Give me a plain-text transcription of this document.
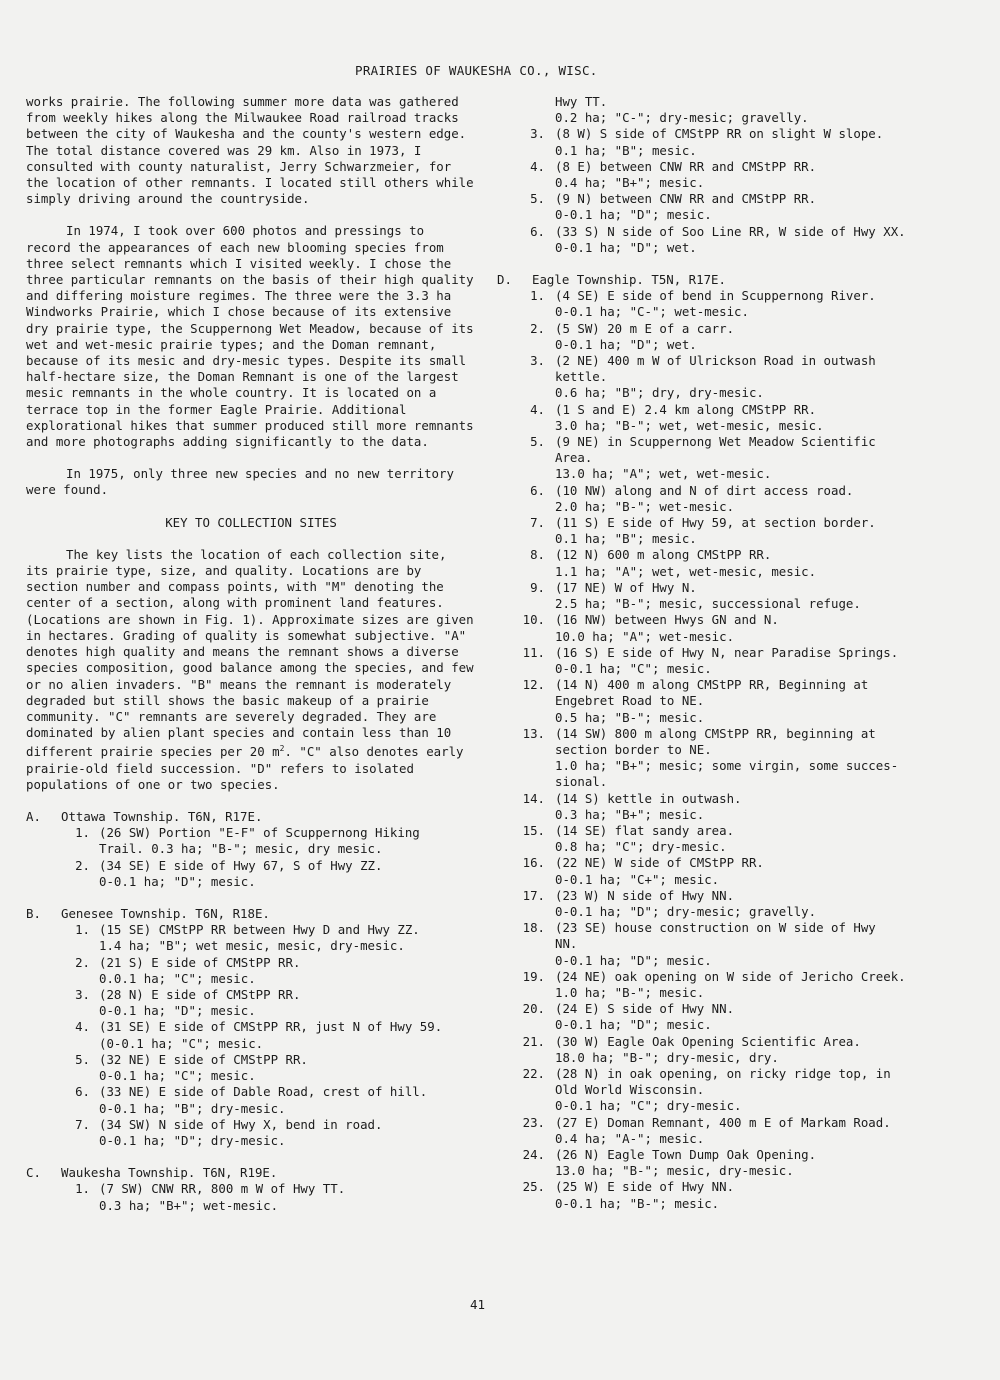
PRAIRIES OF WAUKESHA CO., WISC.

works prairie. The following summer more data was gathered from weekly hikes along the Milwaukee Road railroad tracks between the city of Waukesha and the county's western edge. The total distance covered was 29 km. Also in 1973, I consulted with county naturalist, Jerry Schwarzmeier, for the location of other remnants. I located still others while simply driving around the countryside.

In 1974, I took over 600 photos and pressings to record the appearances of each new blooming species from three select remnants which I visited weekly. I chose the three particular remnants on the basis of their high quality and differing moisture regimes. The three were the 3.3 ha Windworks Prairie, which I chose because of its extensive dry prairie type, the Scuppernong Wet Meadow, because of its wet and wet-mesic prairie types; and the Doman remnant, because of its mesic and dry-mesic types. Despite its small half-hectare size, the Doman Remnant is one of the largest mesic remnants in the whole country. It is located on a terrace top in the former Eagle Prairie. Additional explorational hikes that summer produced still more remnants and more photographs adding significantly to the data.

In 1975, only three new species and no new territory were found.

KEY TO COLLECTION SITES

The key lists the location of each collection site, its prairie type, size, and quality. Locations are by section number and compass points, with "M" denoting the center of a section, along with prominent land features. (Locations are shown in Fig. 1). Approximate sizes are given in hectares. Grading of quality is somewhat subjective. "A" denotes high quality and means the remnant shows a diverse species composition, good balance among the species, and few or no alien invaders. "B" means the remnant is moderately degraded but still shows the basic makeup of a prairie community. "C" remnants are severely degraded. They are dominated by alien plant species and contain less than 10 different prairie species per 20 $m^2$. "C" also denotes early prairie-old field succession. "D" refers to isolated populations of one or two species.

A. Ottawa Township. T6N, R17E.
1. (26 SW) Portion "E-F" of Scuppernong Hiking
Trail. 0.3 ha; "B-"; mesic, dry mesic.
2. (34 SE) E side of Hwy 67, S of Hwy ZZ.
0-0.1 ha; "D"; mesic.
B. Genesee Township. T6N, R18E.
1. (15 SE) CMStPP RR between Hwy D and Hwy ZZ.
1.4 ha; "B"; wet mesic, mesic, dry-mesic.
2. (21 S) E side of CMStPP RR.
0.0.1 ha; "C"; mesic.
3. (28 N) E side of CMStPP RR.
0-0.1 ha; "D"; mesic.
4. (31 SE) E side of CMStPP RR, just N of Hwy 59.
(0-0.1 ha; "C"; mesic.
5. (32 NE) E side of CMStPP RR.
0-0.1 ha; "C"; mesic.
6. (33 NE) E side of Dable Road, crest of hill.
0-0.1 ha; "B"; dry-mesic.
7. (34 SW) N side of Hwy X, bend in road.
0-0.1 ha; "D"; dry-mesic.
C. Waukesha Township. T6N, R19E.
1. (7 SW) CNW RR, 800 m W of Hwy TT.
0.3 ha; "B+"; wet-mesic.
Hwy TT.
0.2 ha; "C-"; dry-mesic; gravelly.
3. (8 W) S side of CMStPP RR on slight W slope.
0.1 ha; "B"; mesic.
4. (8 E) between CNW RR and CMStPP RR.
0.4 ha; "B+"; mesic.
5. (9 N) between CNW RR and CMStPP RR.
0-0.1 ha; "D"; mesic.
6. (33 S) N side of Soo Line RR, W side of Hwy XX.
0-0.1 ha; "D"; wet.
D. Eagle Township. T5N, R17E.
1. (4 SE) E side of bend in Scuppernong River.
0-0.1 ha; "C-"; wet-mesic.
2. (5 SW) 20 m E of a carr.
0-0.1 ha; "D"; wet.
3. (2 NE) 400 m W of Ulrickson Road in outwash
kettle.
0.6 ha; "B"; dry, dry-mesic.
4. (1 S and E) 2.4 km along CMStPP RR.
3.0 ha; "B-"; wet, wet-mesic, mesic.
5. (9 NE) in Scuppernong Wet Meadow Scientific
Area.
13.0 ha; "A"; wet, wet-mesic.
6. (10 NW) along and N of dirt access road.
2.0 ha; "B-"; wet-mesic.
7. (11 S) E side of Hwy 59, at section border.
0.1 ha; "B"; mesic.
8. (12 N) 600 m along CMStPP RR.
1.1 ha; "A"; wet, wet-mesic, mesic.
9. (17 NE) W of Hwy N.
2.5 ha; "B-"; mesic, successional refuge.
10. (16 NW) between Hwys GN and N.
10.0 ha; "A"; wet-mesic.
11. (16 S) E side of Hwy N, near Paradise Springs.
0-0.1 ha; "C"; mesic.
12. (14 N) 400 m along CMStPP RR, Beginning at
Engebret Road to NE.
0.5 ha; "B-"; mesic.
13. (14 SW) 800 m along CMStPP RR, beginning at
section border to NE.
1.0 ha; "B+"; mesic; some virgin, some succes-
sional.
14. (14 S) kettle in outwash.
0.3 ha; "B+"; mesic.
15. (14 SE) flat sandy area.
0.8 ha; "C"; dry-mesic.
16. (22 NE) W side of CMStPP RR.
0-0.1 ha; "C+"; mesic.
17. (23 W) N side of Hwy NN.
0-0.1 ha; "D"; dry-mesic; gravelly.
18. (23 SE) house construction on W side of Hwy
NN.
0-0.1 ha; "D"; mesic.
19. (24 NE) oak opening on W side of Jericho Creek.
1.0 ha; "B-"; mesic.
20. (24 E) S side of Hwy NN.
0-0.1 ha; "D"; mesic.
21. (30 W) Eagle Oak Opening Scientific Area.
18.0 ha; "B-"; dry-mesic, dry.
22. (28 N) in oak opening, on ricky ridge top, in
Old World Wisconsin.
0-0.1 ha; "C"; dry-mesic.
23. (27 E) Doman Remnant, 400 m E of Markam Road.
0.4 ha; "A-"; mesic.
24. (26 N) Eagle Town Dump Oak Opening.
13.0 ha; "B-"; mesic, dry-mesic.
25. (25 W) E side of Hwy NN.
0-0.1 ha; "B-"; mesic.
41
